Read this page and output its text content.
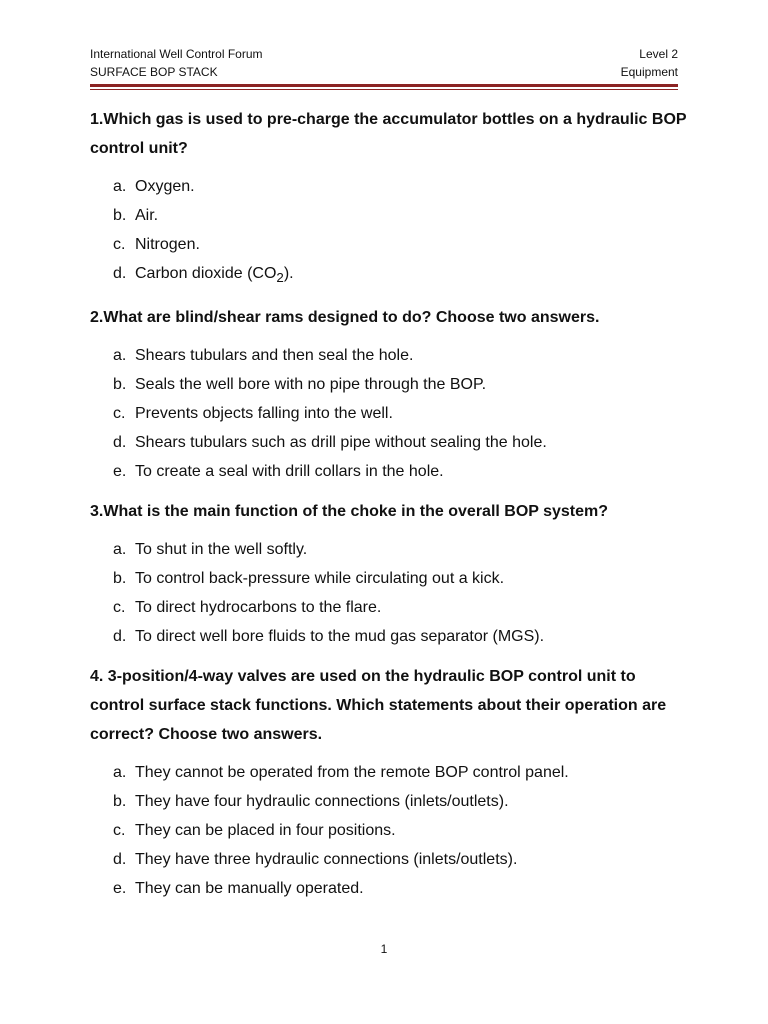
International Well Control Forum
SURFACE BOP STACK
Level 2
Equipment

1.Which gas is used to pre-charge the accumulator bottles on a hydraulic BOP control unit?

a. Oxygen.
b. Air.
c. Nitrogen.
d. Carbon dioxide $(CO_2)$.

2.What are blind/shear rams designed to do? Choose two answers.

a. Shears tubulars and then seal the hole.
b. Seals the well bore with no pipe through the BOP.
c. Prevents objects falling into the well.
d. Shears tubulars such as drill pipe without sealing the hole.
e. To create a seal with drill collars in the hole.

3.What is the main function of the choke in the overall BOP system?

a. To shut in the well softly.
b. To control back-pressure while circulating out a kick.
c. To direct hydrocarbons to the flare.
d. To direct well bore fluids to the mud gas separator (MGS).

4. 3-position/4-way valves are used on the hydraulic BOP control unit to control surface stack functions. Which statements about their operation are correct? Choose two answers.

a. They cannot be operated from the remote BOP control panel.
b. They have four hydraulic connections (inlets/outlets).
c. They can be placed in four positions.
d. They have three hydraulic connections (inlets/outlets).
e. They can be manually operated.
1
